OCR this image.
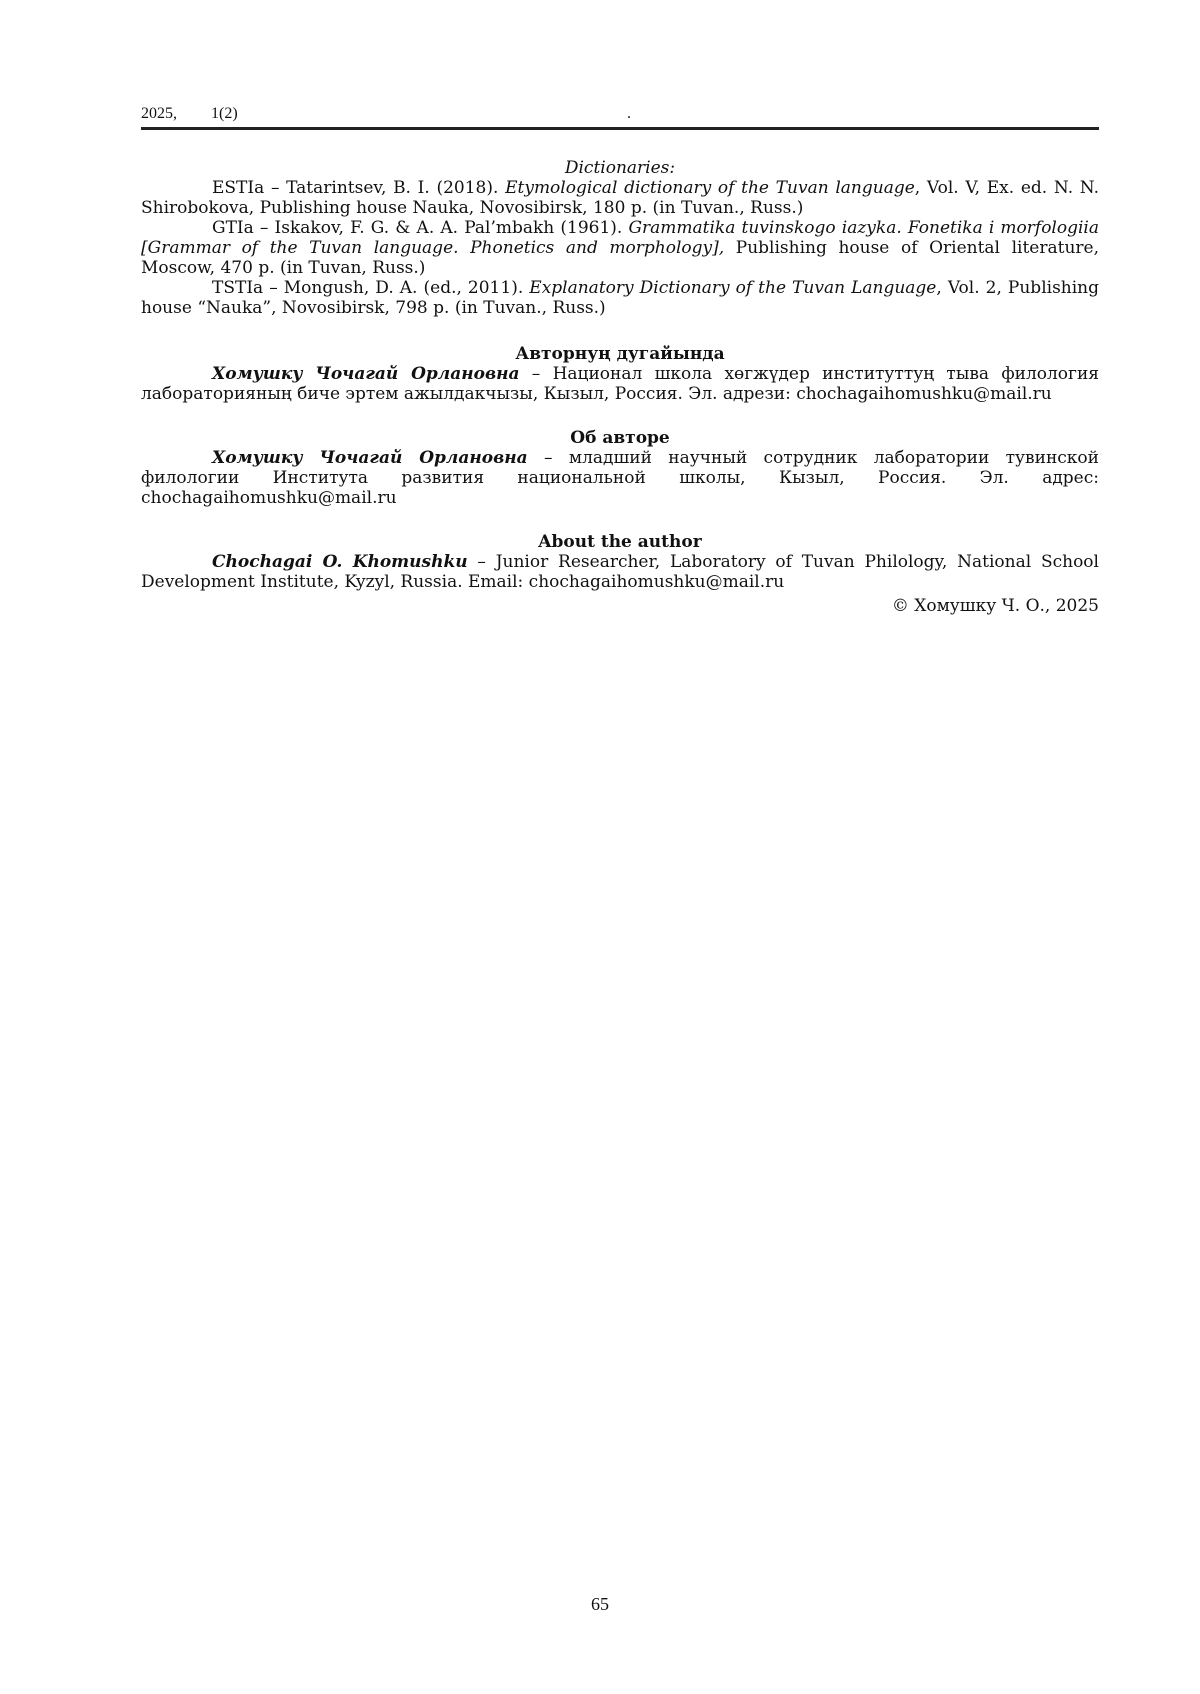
2025, 1(2)	.

Dictionaries:

ESTIa – Tatarintsev, B. I. (2018). Etymological dictionary of the Tuvan language, Vol. V, Ex. ed. N. N. Shirobokova, Publishing house Nauka, Novosibirsk, 180 p. (in Tuvan., Russ.)

GTIa – Iskakov, F. G. & A. A. Pal’mbakh (1961). Grammatika tuvinskogo iazyka. Fonetika i morfologiia [Grammar of the Tuvan language. Phonetics and morphology], Publishing house of Oriental literature, Moscow, 470 p. (in Tuvan, Russ.)

TSTIa – Mongush, D. A. (ed., 2011). Explanatory Dictionary of the Tuvan Language, Vol. 2, Publishing house “Nauka”, Novosibirsk, 798 p. (in Tuvan., Russ.)

Авторнуң дугайында

Хомушку Чочагай Орлановна – Национал школа хөгжүдер институттуң тыва филология лабораторияның биче эртем ажылдакчызы, Кызыл, Россия. Эл. адрези: chochagaihomushku@mail.ru

Об авторе

Хомушку Чочагай Орлановна – младший научный сотрудник лаборатории тувинской филологии Института развития национальной школы, Кызыл, Россия. Эл. адрес: chochagaihomushku@mail.ru

About the author

Chochagai O. Khomushku – Junior Researcher, Laboratory of Tuvan Philology, National School Development Institute, Kyzyl, Russia. Email: chochagaihomushku@mail.ru

© Хомушку Ч. О., 2025

65
